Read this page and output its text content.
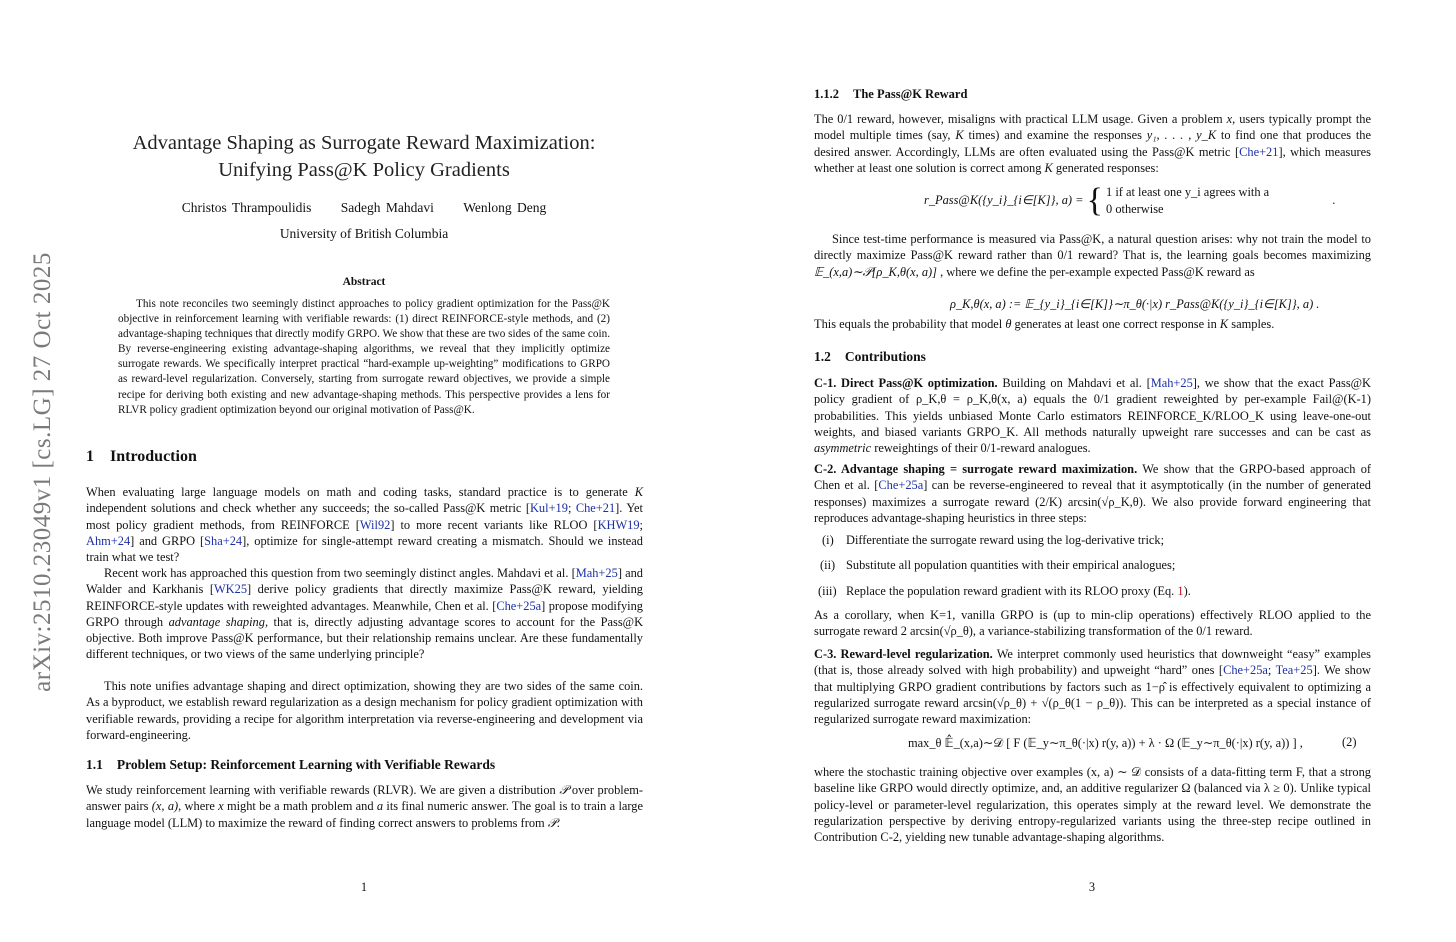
arXiv:2510.23049v1 [cs.LG] 27 Oct 2025
Advantage Shaping as Surrogate Reward Maximization:
Unifying Pass@K Policy Gradients
Christos Thrampoulidis Sadegh Mahdavi Wenlong Deng
University of British Columbia
Abstract

This note reconciles two seemingly distinct approaches to policy gradient optimization for the Pass@K objective in reinforcement learning with verifiable rewards: (1) direct REINFORCE-style methods, and (2) advantage-shaping techniques that directly modify GRPO. We show that these are two sides of the same coin. By reverse-engineering existing advantage-shaping algorithms, we reveal that they implicitly optimize surrogate rewards. We specifically interpret practical “hard-example up-weighting” modifications to GRPO as reward-level regularization. Conversely, starting from surrogate reward objectives, we provide a simple recipe for deriving both existing and new advantage-shaping methods. This perspective provides a lens for RLVR policy gradient optimization beyond our original motivation of Pass@K.

1 Introduction

When evaluating large language models on math and coding tasks, standard practice is to generate K independent solutions and check whether any succeeds; the so-called Pass@K metric [Kul+19; Che+21]. Yet most policy gradient methods, from REINFORCE [Wil92] to more recent variants like RLOO [KHW19; Ahm+24] and GRPO [Sha+24], optimize for single-attempt reward creating a mismatch. Should we instead train what we test?

Recent work has approached this question from two seemingly distinct angles. Mahdavi et al. [Mah+25] and Walder and Karkhanis [WK25] derive policy gradients that directly maximize Pass@K reward, yielding REINFORCE-style updates with reweighted advantages. Meanwhile, Chen et al. [Che+25a] propose modifying GRPO through advantage shaping, that is, directly adjusting advantage scores to account for the Pass@K objective. Both improve Pass@K performance, but their relationship remains unclear. Are these fundamentally different techniques, or two views of the same underlying principle?

This note unifies advantage shaping and direct optimization, showing they are two sides of the same coin. As a byproduct, we establish reward regularization as a design mechanism for policy gradient optimization with verifiable rewards, providing a recipe for algorithm interpretation via reverse-engineering and development via forward-engineering.

1.1 Problem Setup: Reinforcement Learning with Verifiable Rewards

We study reinforcement learning with verifiable rewards (RLVR). We are given a distribution 𝒫 over problem-answer pairs (x, a), where x might be a math problem and a its final numeric answer. The goal is to train a large language model (LLM) to maximize the reward of finding correct answers to problems from 𝒫.

1
1.1.2 The Pass@K Reward

The 0/1 reward, however, misaligns with practical LLM usage. Given a problem x, users typically prompt the model multiple times (say, K times) and examine the responses y₁, . . . , y_K to find one that produces the desired answer. Accordingly, LLMs are often evaluated using the Pass@K metric [Che+21], which measures whether at least one solution is correct among K generated responses:

r_Pass@K({y_i}_{i∈[K]}, a) = { 1 if at least one y_i agrees with a
0 otherwise
.

Since test-time performance is measured via Pass@K, a natural question arises: why not train the model to directly maximize Pass@K reward rather than 0/1 reward? That is, the learning goals becomes maximizing 𝔼_(x,a)∼𝒫[ρ_K,θ(x, a)] , where we define the per-example expected Pass@K reward as

ρ_K,θ(x, a) := 𝔼_{y_i}_{i∈[K]}∼π_θ(·|x) r_Pass@K({y_i}_{i∈[K]}, a) .

This equals the probability that model θ generates at least one correct response in K samples.

1.2 Contributions

C-1. Direct Pass@K optimization. Building on Mahdavi et al. [Mah+25], we show that the exact Pass@K policy gradient of ρ_K,θ = ρ_K,θ(x, a) equals the 0/1 gradient reweighted by per-example Fail@(K-1) probabilities. This yields unbiased Monte Carlo estimators REINFORCE_K/RLOO_K using leave-one-out weights, and biased variants GRPO_K. All methods naturally upweight rare successes and can be cast as asymmetric reweightings of their 0/1-reward analogues.

C-2. Advantage shaping = surrogate reward maximization. We show that the GRPO-based approach of Chen et al. [Che+25a] can be reverse-engineered to reveal that it asymptotically (in the number of generated responses) maximizes a surrogate reward (2/K) arcsin(√ρ_K,θ). We also provide forward engineering that reproduces advantage-shaping heuristics in three steps:

(i) Differentiate the surrogate reward using the log-derivative trick;
(ii) Substitute all population quantities with their empirical analogues;
(iii) Replace the population reward gradient with its RLOO proxy (Eq. 1).

As a corollary, when K=1, vanilla GRPO is (up to min-clip operations) effectively RLOO applied to the surrogate reward 2 arcsin(√ρ_θ), a variance-stabilizing transformation of the 0/1 reward.

C-3. Reward-level regularization. We interpret commonly used heuristics that downweight “easy” examples (that is, those already solved with high probability) and upweight “hard” ones [Che+25a; Tea+25]. We show that multiplying GRPO gradient contributions by factors such as 1−ρ̂ is effectively equivalent to optimizing a regularized surrogate reward arcsin(√ρ_θ) + √(ρ_θ(1 − ρ_θ)). This can be interpreted as a special instance of regularized surrogate reward maximization:

max_θ 𝔼̂_(x,a)∼𝒟 [ F (𝔼_y∼π_θ(·|x) r(y, a)) + λ · Ω (𝔼_y∼π_θ(·|x) r(y, a)) ] ,	(2)

where the stochastic training objective over examples (x, a) ∼ 𝒟 consists of a data-fitting term F, that a strong baseline like GRPO would directly optimize, and, an additive regularizer Ω (balanced via λ ≥ 0). Unlike typical policy-level or parameter-level regularization, this operates simply at the reward level. We demonstrate the regularization perspective by deriving entropy-regularized variants using the three-step recipe outlined in Contribution C-2, yielding new tunable advantage-shaping algorithms.

3
